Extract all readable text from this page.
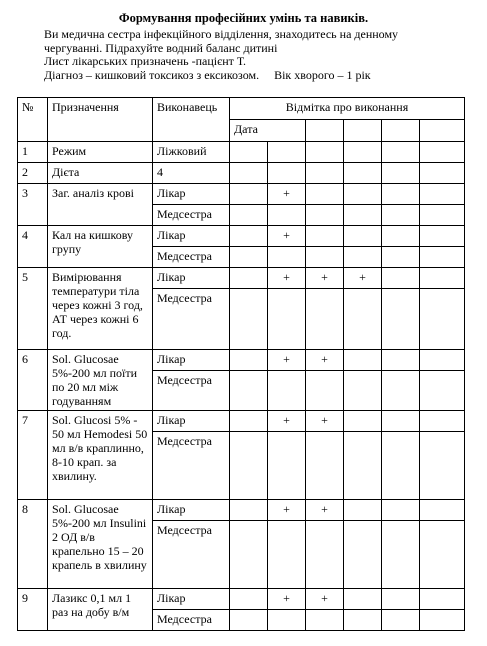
Формування професійних умінь та навиків.
Ви медична сестра інфекційного відділення, знаходитесь на денному
чергуванні. Підрахуйте водний баланс дитині
Лист лікарських призначень -пацієнт Т.
Діагноз – кишковий токсикоз з ексикозом.     Вік хворого – 1 рік
№	Призначення	Виконавець	Відмітка про виконання					
			Дата					
1	Режим	Ліжковий						
2	Дієта	4						
3	Заг. аналіз крові	Лікар		+				
		Медсестра						
4	Кал на кишкову групу	Лікар		+				
		Медсестра						
5	Вимірювання температури тіла через кожні 3 год, АТ через кожні 6 год.	Лікар		+	+	+		
		Медсестра						
6	Sol. Glucosae 5%-200 мл поїти по 20 мл між годуванням	Лікар		+	+			
		Медсестра						
7	Sol. Glucosi 5% - 50 мл Hemodesi 50 мл в/в краплинно, 8-10 крап. за хвилину.	Лікар		+	+			
		Медсестра						
8	Sol. Glucosae 5%-200 мл Insulini 2 ОД в/в крапельно 15 – 20 крапель в хвилину	Лікар		+	+			
		Медсестра						
9	Лазикс 0,1 мл 1 раз на добу в/м	Лікар		+	+			
		Медсестра						
